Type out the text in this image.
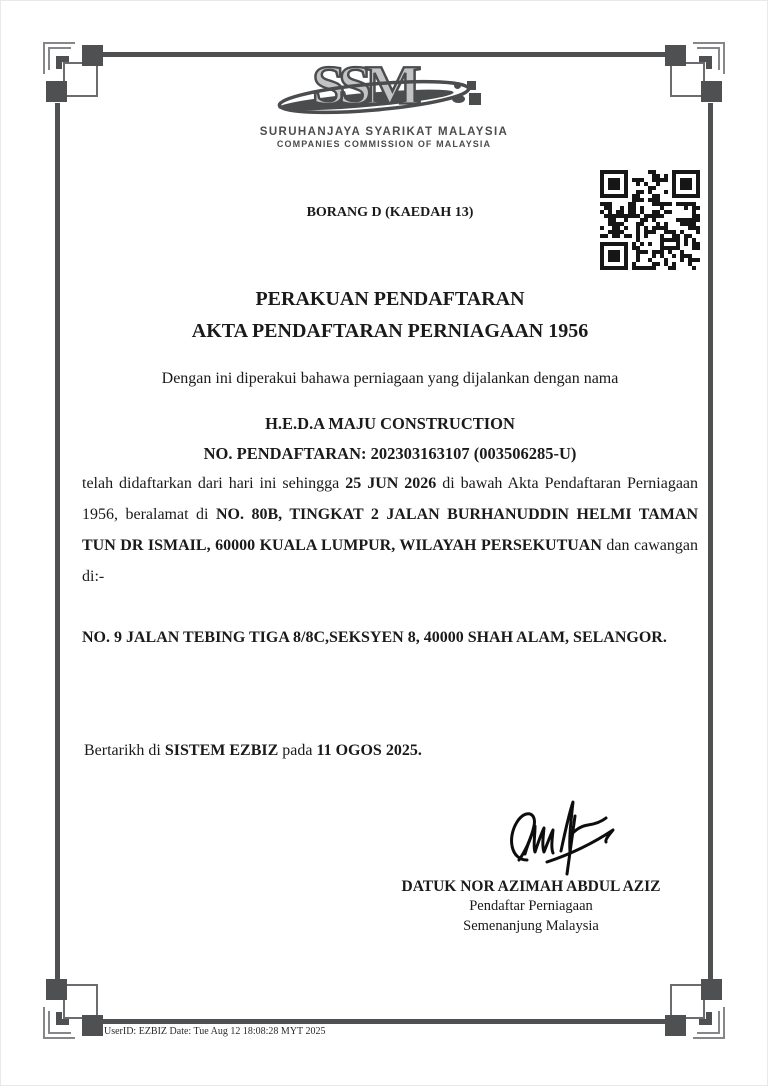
SSM
SURUHANJAYA SYARIKAT MALAYSIA
COMPANIES COMMISSION OF MALAYSIA
BORANG D (KAEDAH 13)
PERAKUAN PENDAFTARAN
AKTA PENDAFTARAN PERNIAGAAN 1956
Dengan ini diperakui bahawa perniagaan yang dijalankan dengan nama
H.E.D.A MAJU CONSTRUCTION
NO. PENDAFTARAN: 202303163107 (003506285-U)

telah didaftarkan dari hari ini sehingga 25 JUN 2026 di bawah Akta Pendaftaran Perniagaan 1956, beralamat di NO. 80B, TINGKAT 2 JALAN BURHANUDDIN HELMI TAMAN TUN DR ISMAIL, 60000 KUALA LUMPUR, WILAYAH PERSEKUTUAN dan cawangan di:-

NO. 9 JALAN TEBING TIGA 8/8C,SEKSYEN 8, 40000 SHAH ALAM, SELANGOR.

Bertarikh di SISTEM EZBIZ pada 11 OGOS 2025.

DATUK NOR AZIMAH ABDUL AZIZ
Pendaftar Perniagaan
Semenanjung Malaysia
UserID: EZBIZ Date: Tue Aug 12 18:08:28 MYT 2025
